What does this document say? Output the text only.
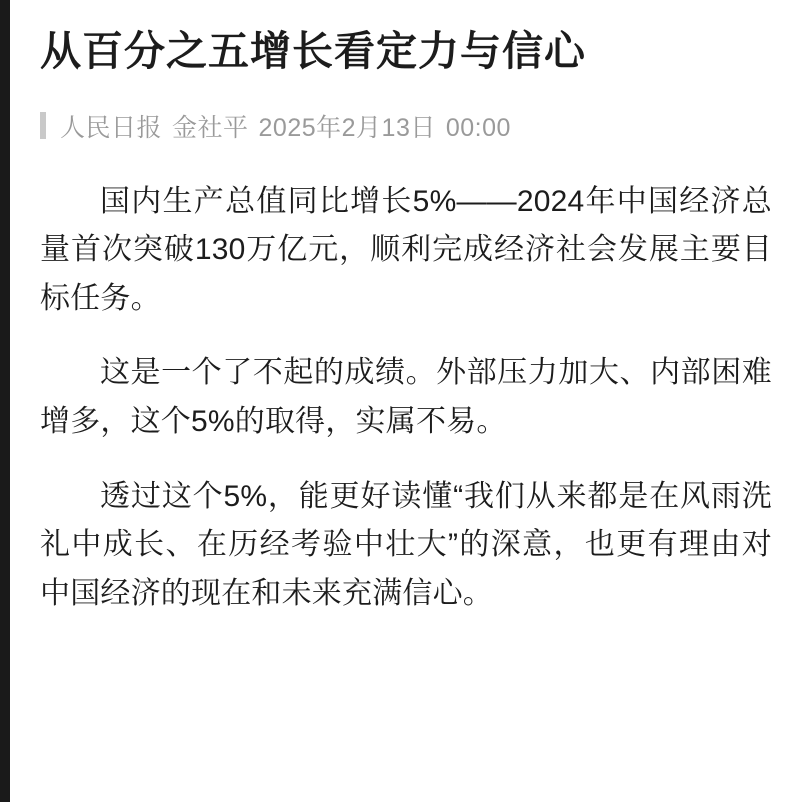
从百分之五增长看定力与信心
人民日报 金社平 2025年2月13日 00:00

国内生产总值同比增长5%——2024年中国经济总量首次突破130万亿元，顺利完成经济社会发展主要目标任务。

这是一个了不起的成绩。外部压力加大、内部困难增多，这个5%的取得，实属不易。

透过这个5%，能更好读懂“我们从来都是在风雨洗礼中成长、在历经考验中壮大”的深意，也更有理由对中国经济的现在和未来充满信心。
